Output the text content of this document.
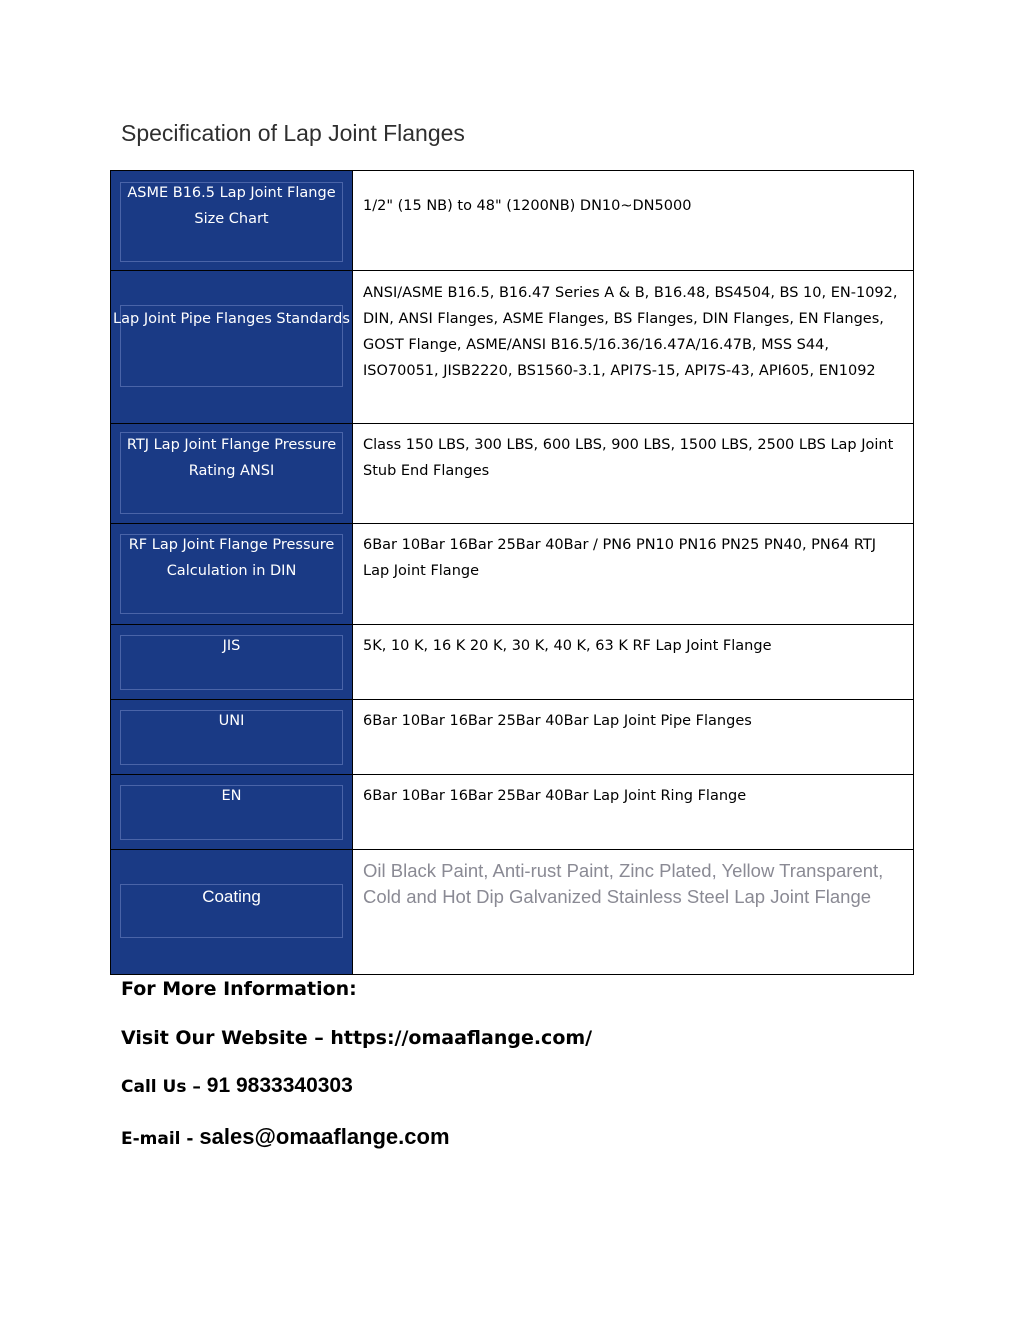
Specification of Lap Joint Flanges
ASME B16.5 Lap Joint Flange Size Chart	1/2" (15 NB) to 48" (1200NB) DN10~DN5000

Lap Joint Pipe Flanges Standards	ANSI/ASME B16.5, B16.47 Series A & B, B16.48, BS4504, BS 10, EN-1092, DIN, ANSI Flanges, ASME Flanges, BS Flanges, DIN Flanges, EN Flanges, GOST Flange, ASME/ANSI B16.5/16.36/16.47A/16.47B, MSS S44, ISO70051, JISB2220, BS1560-3.1, API7S-15, API7S-43, API605, EN1092

RTJ Lap Joint Flange Pressure Rating ANSI	Class 150 LBS, 300 LBS, 600 LBS, 900 LBS, 1500 LBS, 2500 LBS Lap Joint Stub End Flanges

RF Lap Joint Flange Pressure Calculation in DIN	6Bar 10Bar 16Bar 25Bar 40Bar / PN6 PN10 PN16 PN25 PN40, PN64 RTJ Lap Joint Flange

JIS	5K, 10 K, 16 K 20 K, 30 K, 40 K, 63 K RF Lap Joint Flange

UNI	6Bar 10Bar 16Bar 25Bar 40Bar Lap Joint Pipe Flanges

EN	6Bar 10Bar 16Bar 25Bar 40Bar Lap Joint Ring Flange

Coating	Oil Black Paint, Anti-rust Paint, Zinc Plated, Yellow Transparent, Cold and Hot Dip Galvanized Stainless Steel Lap Joint Flange
For More Information:
Visit Our Website – https://omaaflange.com/
Call Us – 91 9833340303
E-mail - sales@omaaflange.com
